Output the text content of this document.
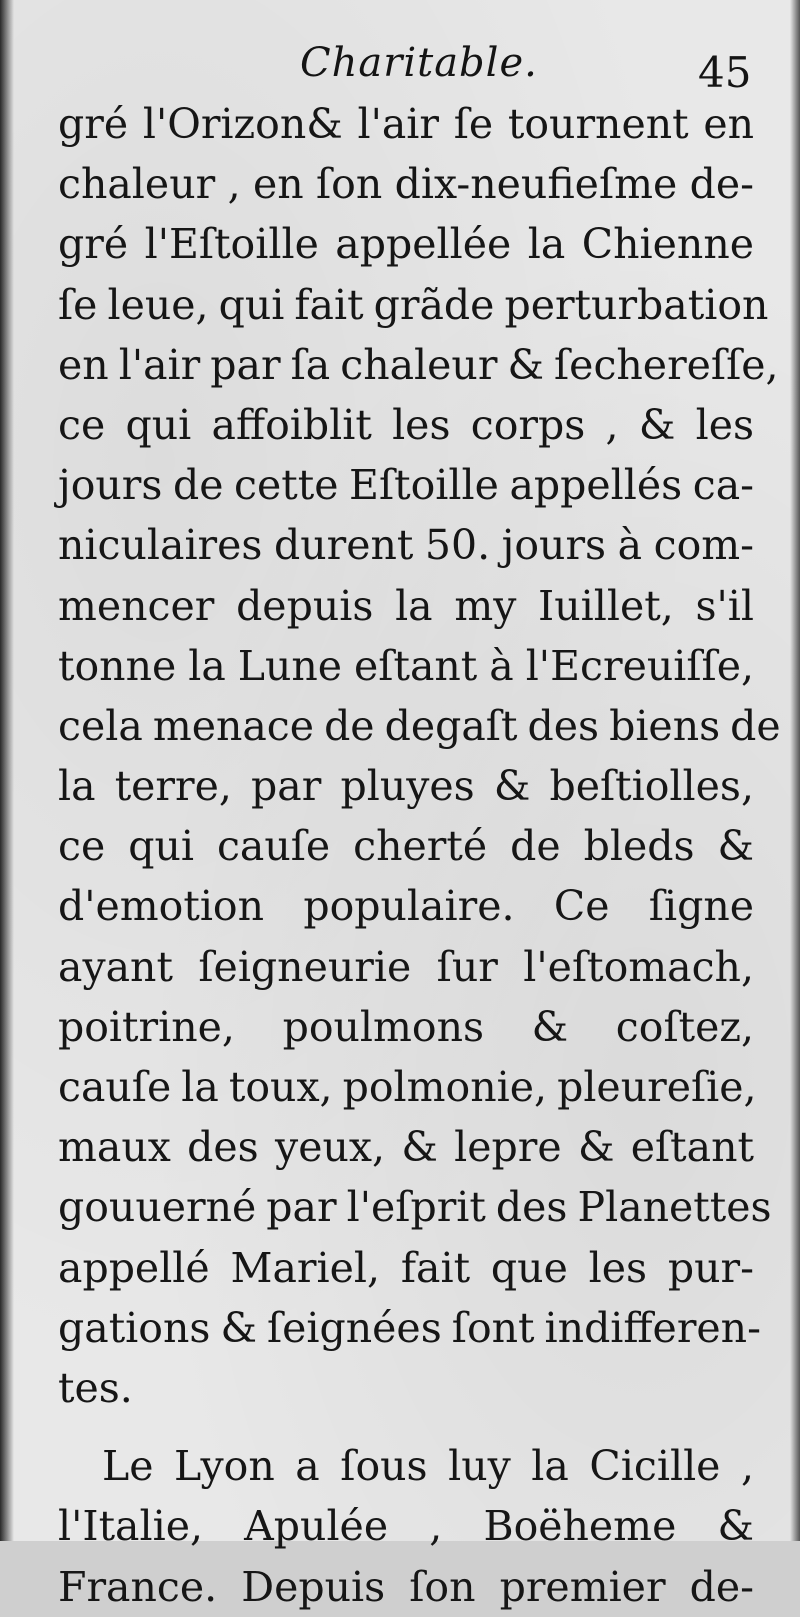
Charitable.	45
gré l'Orizon& l'air ſe tournent en
chaleur , en ſon dix-neufieſme de-
gré l'Eſtoille appellée la Chienne
ſe leue, qui fait grãde perturbation
en l'air par ſa chaleur & ſechereſſe,
ce qui affoiblit les corps , & les
jours de cette Eſtoille appellés ca-
niculaires durent 50. jours à com-
mencer depuis la my Iuillet, s'il
tonne la Lune eſtant à l'Ecreuiſſe,
cela menace de degaſt des biens de
la terre, par pluyes & beſtiolles,
ce qui cauſe cherté de bleds &
d'emotion populaire. Ce ſigne
ayant ſeigneurie ſur l'eſtomach,
poitrine, poulmons & coſtez,
cauſe la toux, polmonie, pleureſie,
maux des yeux, & lepre & eſtant
gouuerné par l'eſprit des Planettes
appellé Mariel, fait que les pur-
gations & ſeignées ſont indifferen-
tes.
Le Lyon a ſous luy la Cicille ,
l'Italie, Apulée , Boëheme &
France. Depuis ſon premier de-
